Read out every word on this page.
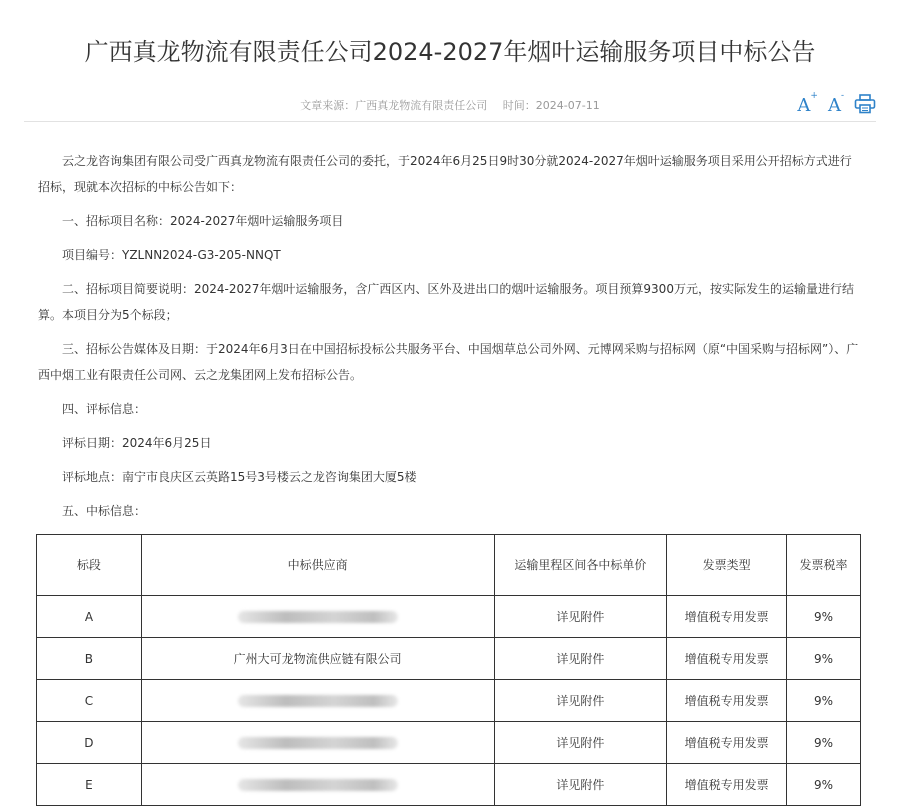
广西真龙物流有限责任公司2024-2027年烟叶运输服务项目中标公告
文章来源：广西真龙物流有限责任公司 时间：2024-07-11	A+ A-

云之龙咨询集团有限公司受广西真龙物流有限责任公司的委托，于2024年6月25日9时30分就2024-2027年烟叶运输服务项目采用公开招标方式进行招标，现就本次招标的中标公告如下：

一、招标项目名称：2024-2027年烟叶运输服务项目

项目编号：YZLNN2024-G3-205-NNQT

二、招标项目简要说明：2024-2027年烟叶运输服务，含广西区内、区外及进出口的烟叶运输服务。项目预算9300万元，按实际发生的运输量进行结算。本项目分为5个标段；

三、招标公告媒体及日期：于2024年6月3日在中国招标投标公共服务平台、中国烟草总公司外网、元博网采购与招标网（原“中国采购与招标网”）、广西中烟工业有限责任公司网、云之龙集团网上发布招标公告。

四、评标信息：

评标日期：2024年6月25日

评标地点：南宁市良庆区云英路15号3号楼云之龙咨询集团大厦5楼

五、中标信息：

标段	中标供应商	运输里程区间各中标单价	发票类型	发票税率
A		详见附件	增值税专用发票	9%
B	广州大可龙物流供应链有限公司	详见附件	增值税专用发票	9%
C		详见附件	增值税专用发票	9%
D		详见附件	增值税专用发票	9%
E		详见附件	增值税专用发票	9%
